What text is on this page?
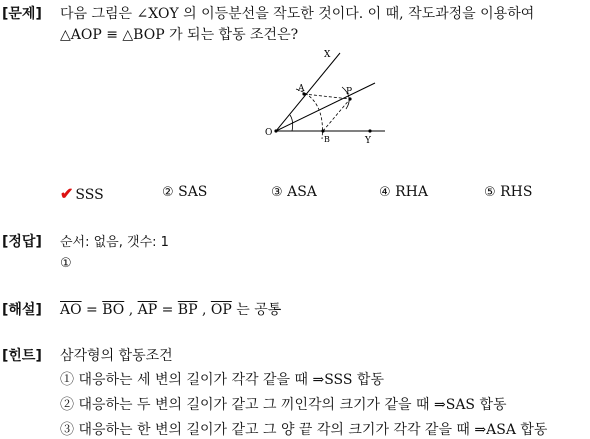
[문제] 다음 그림은 ∠XOY 의 이등분선을 작도한 것이다. 이 때, 작도과정을 이용하여
△AOP ≡ △BOP 가 되는 합동 조건은?
X
A	P
O
B	Y
✔ SSS	② SAS	③ ASA	④ RHA	⑤ RHS
[정답] 순서: 없음, 갯수: 1
①
[해설] $\overline{AO} = \overline{BO}$ , $\overline{AP} = \overline{BP}$ , $\overline{OP}$ 는 공통
[힌트] 삼각형의 합동조건
① 대응하는 세 변의 길이가 각각 같을 때 ⇒SSS 합동
② 대응하는 두 변의 길이가 같고 그 끼인각의 크기가 같을 때 ⇒SAS 합동
③ 대응하는 한 변의 길이가 같고 그 양 끝 각의 크기가 각각 같을 때 ⇒ASA 합동
